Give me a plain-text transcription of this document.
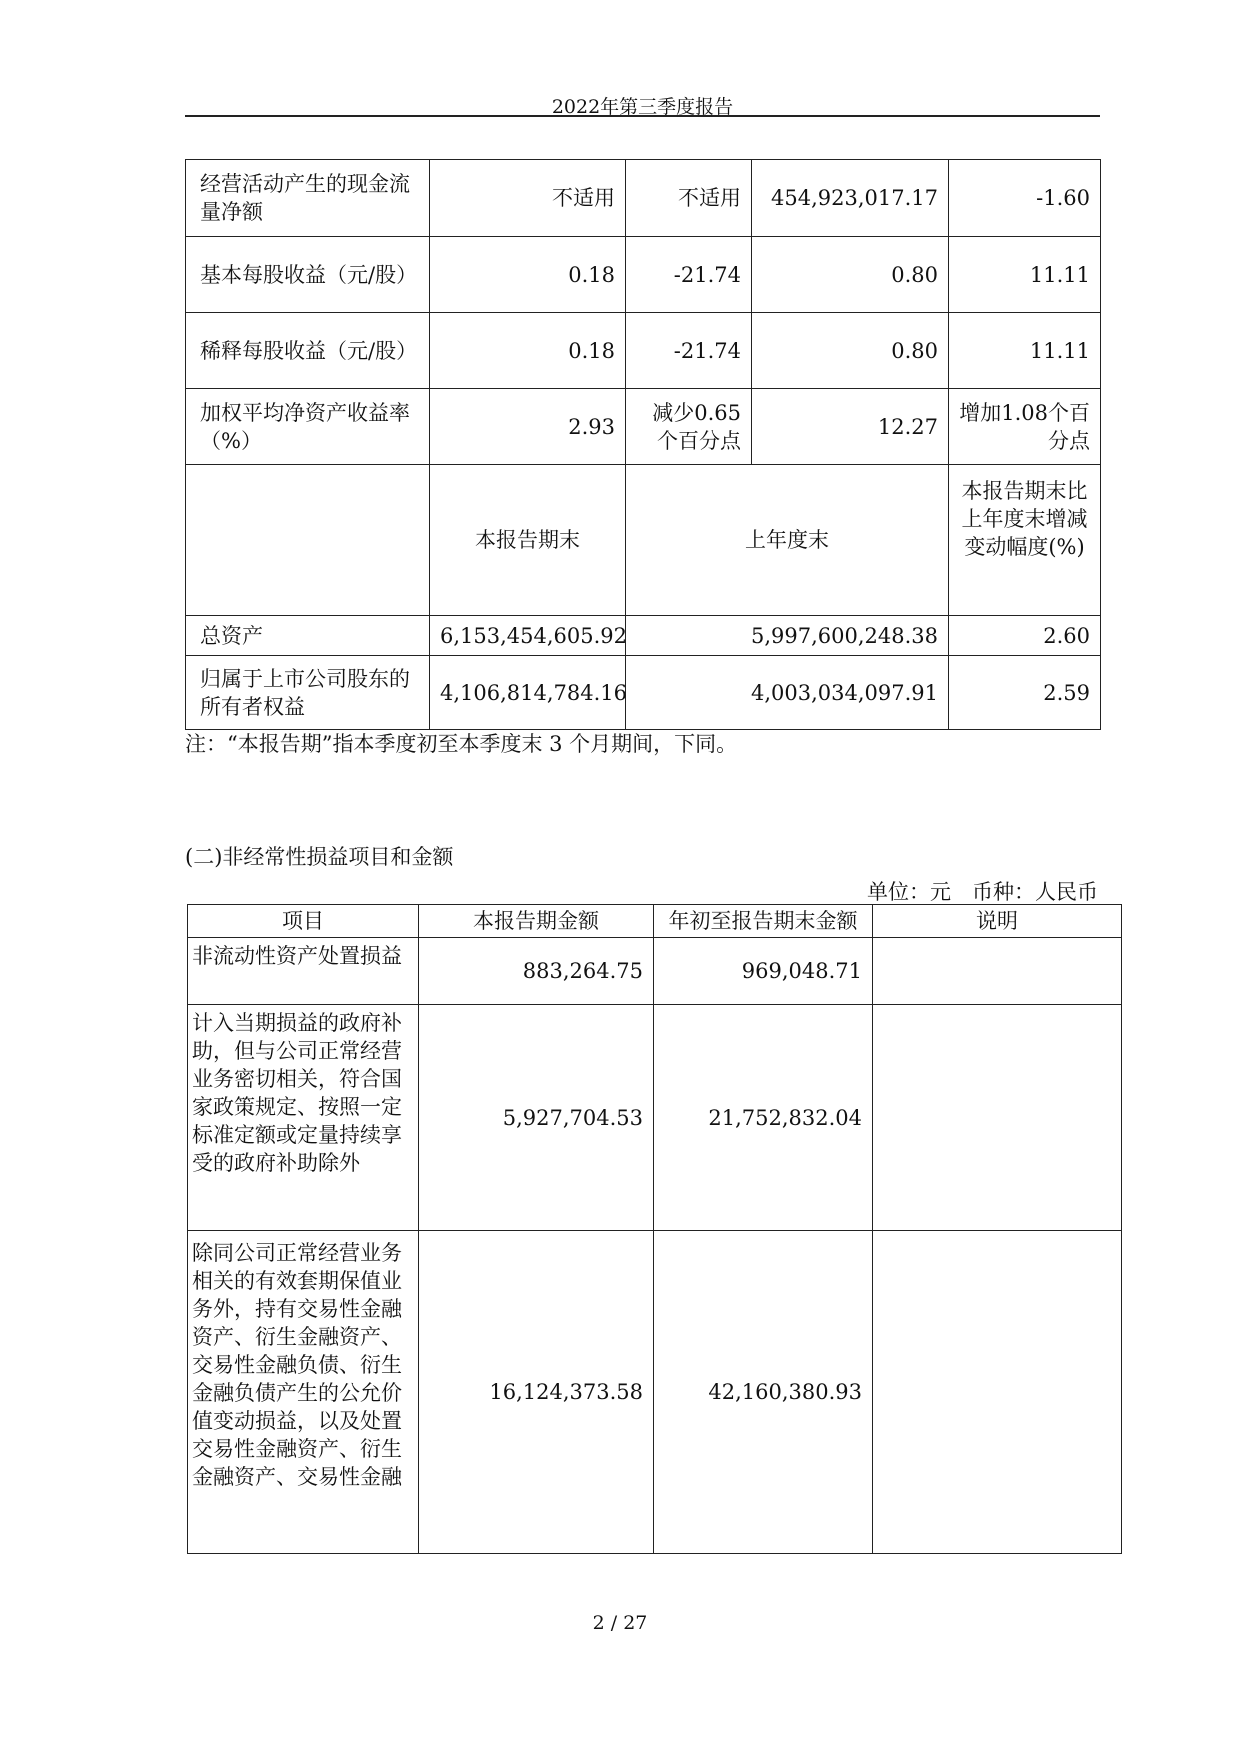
2022年第三季度报告
经营活动产生的现金流量净额	不适用	不适用	454,923,017.17	-1.60
基本每股收益（元/股）	0.18	-21.74	0.80	11.11
稀释每股收益（元/股）	0.18	-21.74	0.80	11.11
加权平均净资产收益率（%）	2.93	减少0.65个百分点	12.27	增加1.08个百分点
	本报告期末	上年度末		本报告期末比上年度末增减变动幅度(%)
总资产	6,153,454,605.92	5,997,600,248.38		2.60
归属于上市公司股东的所有者权益	4,106,814,784.16	4,003,034,097.91		2.59
注：“本报告期”指本季度初至本季度末 3 个月期间，下同。
(二)非经常性损益项目和金额
单位：元　币种：人民币
项目	本报告期金额	年初至报告期末金额	说明
非流动性资产处置损益	883,264.75	969,048.71	
计入当期损益的政府补助，但与公司正常经营业务密切相关，符合国家政策规定、按照一定标准定额或定量持续享受的政府补助除外	5,927,704.53	21,752,832.04	
除同公司正常经营业务相关的有效套期保值业务外，持有交易性金融资产、衍生金融资产、交易性金融负债、衍生金融负债产生的公允价值变动损益，以及处置交易性金融资产、衍生金融资产、交易性金融	16,124,373.58	42,160,380.93	
2 / 27
